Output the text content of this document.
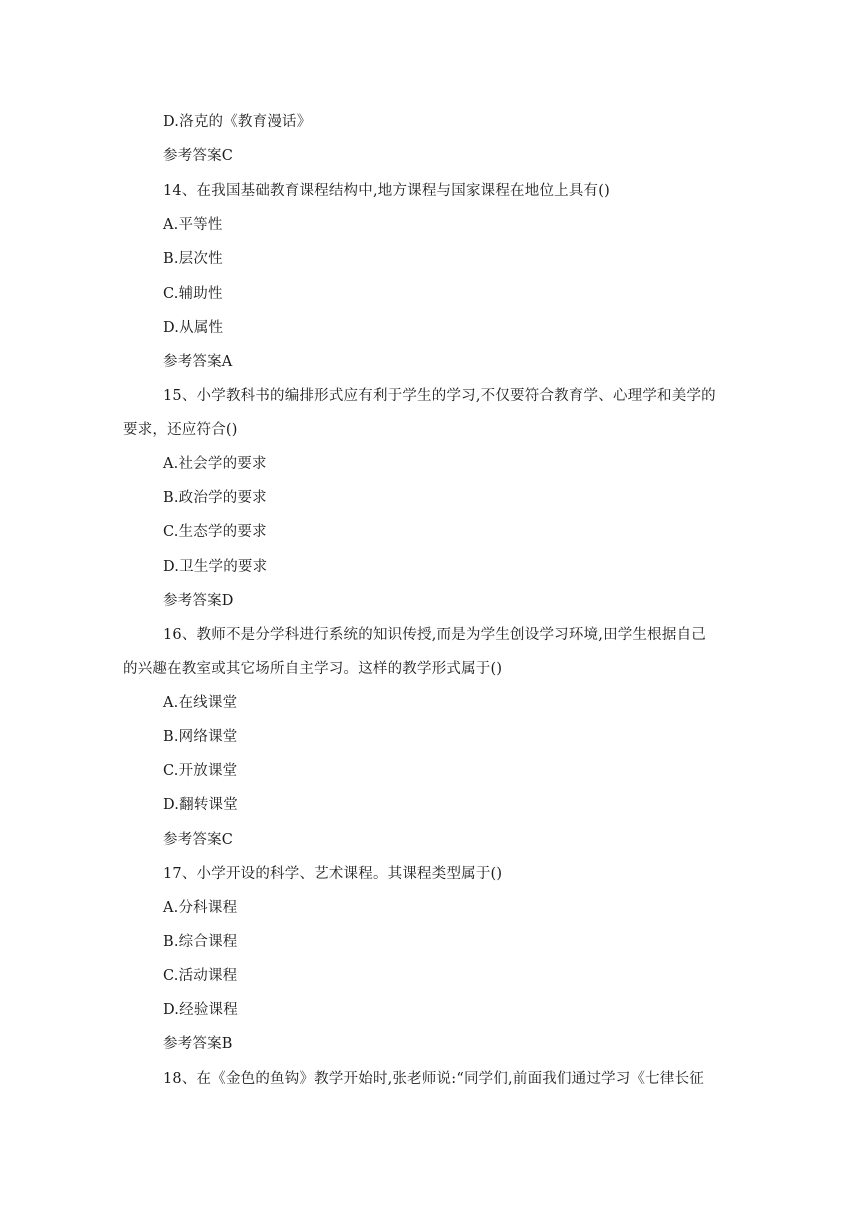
D.洛克的《教育漫话》
参考答案C
14、在我国基础教育课程结构中,地方课程与国家课程在地位上具有()
A.平等性
B.层次性
C.辅助性
D.从属性
参考答案A
15、小学教科书的编排形式应有利于学生的学习,不仅要符合教育学、心理学和美学的
要求，还应符合()
A.社会学的要求
B.政治学的要求
C.生态学的要求
D.卫生学的要求
参考答案D
16、教师不是分学科进行系统的知识传授,而是为学生创设学习环境,田学生根据自己
的兴趣在教室或其它场所自主学习。这样的教学形式属于()
A.在线课堂
B.网络课堂
C.开放课堂
D.翻转课堂
参考答案C
17、小学开设的科学、艺术课程。其课程类型属于()
A.分科课程
B.综合课程
C.活动课程
D.经验课程
参考答案B
18、在《金色的鱼钩》教学开始时,张老师说:“同学们,前面我们通过学习《七律长征
